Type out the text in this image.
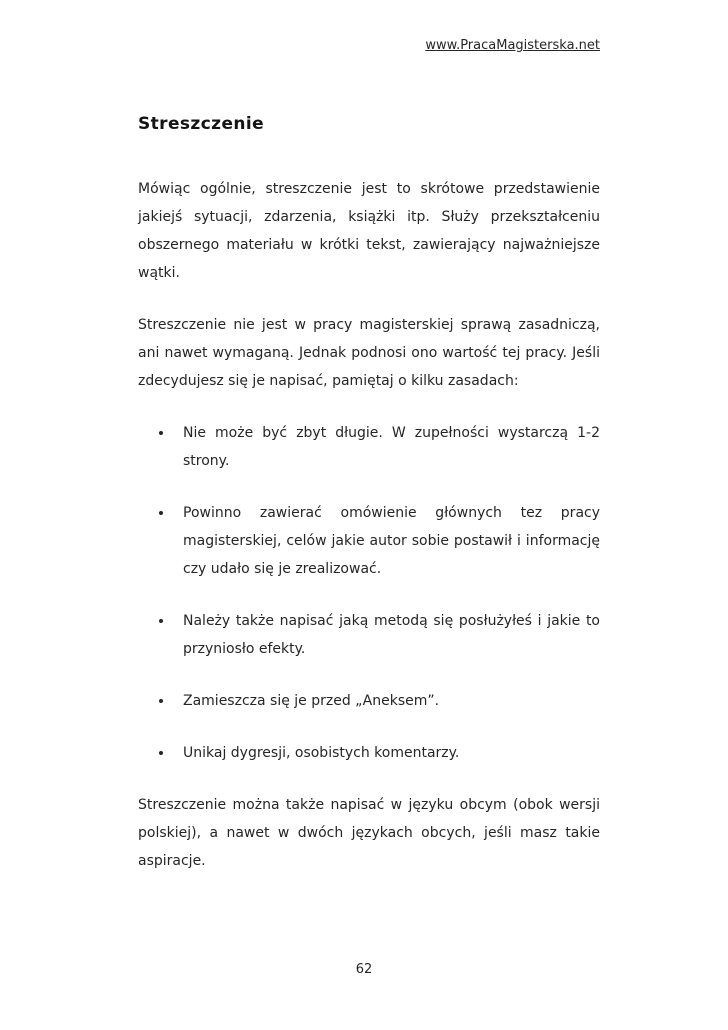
www.PracaMagisterska.net
Streszczenie

Mówiąc ogólnie, streszczenie jest to skrótowe przedstawienie jakiejś sytuacji, zdarzenia, książki itp. Służy przekształceniu obszernego materiału w krótki tekst, zawierający najważniejsze wątki.

Streszczenie nie jest w pracy magisterskiej sprawą zasadniczą, ani nawet wymaganą. Jednak podnosi ono wartość tej pracy. Jeśli zdecydujesz się je napisać, pamiętaj o kilku zasadach:

Nie może być zbyt długie. W zupełności wystarczą 1-2 strony.
Powinno zawierać omówienie głównych tez pracy magisterskiej, celów jakie autor sobie postawił i informację czy udało się je zrealizować.
Należy także napisać jaką metodą się posłużyłeś i jakie to przyniosło efekty.
Zamieszcza się je przed „Aneksem”.
Unikaj dygresji, osobistych komentarzy.

Streszczenie można także napisać w języku obcym (obok wersji polskiej), a nawet w dwóch językach obcych, jeśli masz takie aspiracje.

62
